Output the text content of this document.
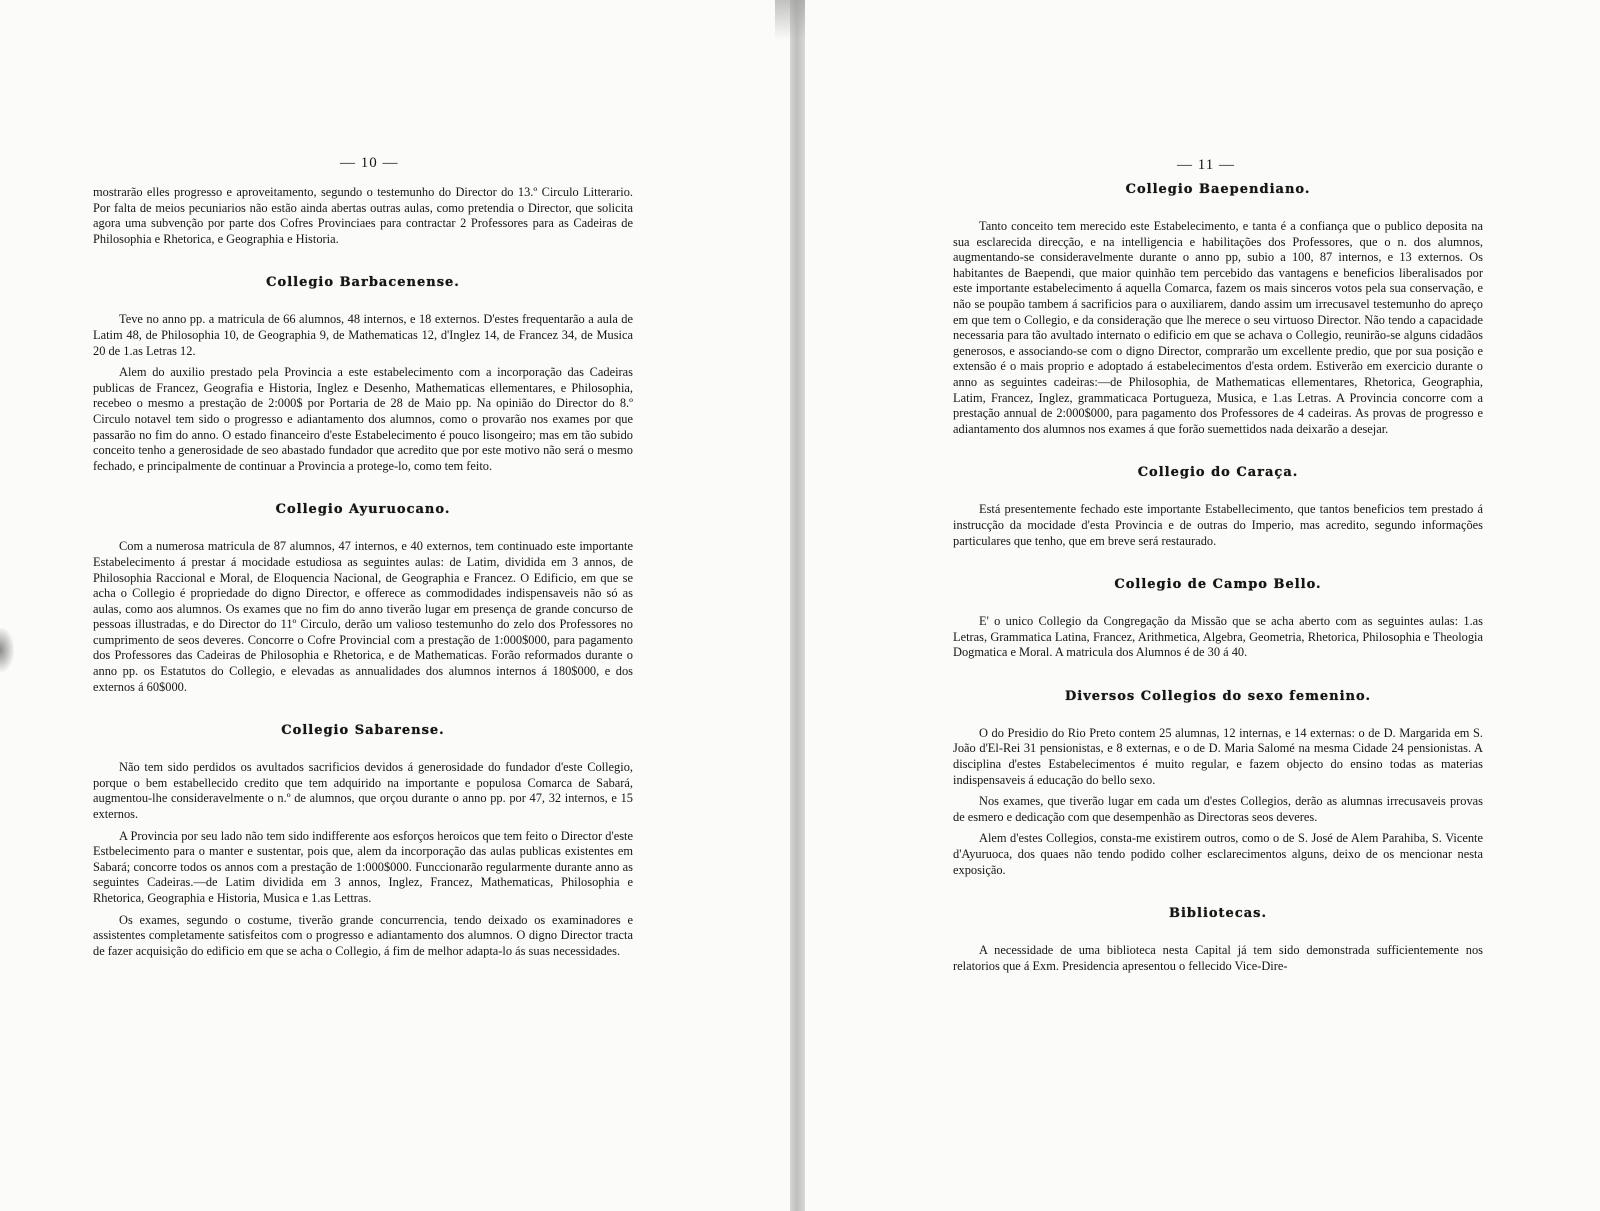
— 10 —

mostrarão elles progresso e aproveitamento, segundo o testemunho do Director do 13.º Circulo Litterario. Por falta de meios pecuniarios não estão ainda abertas outras aulas, como pretendia o Director, que solicita agora uma subvenção por parte dos Cofres Provinciaes para contractar 2 Professores para as Cadeiras de Philosophia e Rhetorica, e Geographia e Historia.

Collegio Barbacenense.

Teve no anno pp. a matricula de 66 alumnos, 48 internos, e 18 externos. D'estes frequentarão a aula de Latim 48, de Philosophia 10, de Geographia 9, de Mathematicas 12, d'Inglez 14, de Francez 34, de Musica 20 de 1.as Letras 12.

Alem do auxilio prestado pela Provincia a este estabelecimento com a incorporação das Cadeiras publicas de Francez, Geografia e Historia, Inglez e Desenho, Mathematicas ellementares, e Philosophia, recebeo o mesmo a prestação de 2:000$ por Portaria de 28 de Maio pp. Na opinião do Director do 8.º Circulo notavel tem sido o progresso e adiantamento dos alumnos, como o provarão nos exames por que passarão no fim do anno. O estado financeiro d'este Estabelecimento é pouco lisongeiro; mas em tão subido conceito tenho a generosidade de seo abastado fundador que acredito que por este motivo não será o mesmo fechado, e principalmente de continuar a Provincia a protege-lo, como tem feito.

Collegio Ayuruocano.

Com a numerosa matricula de 87 alumnos, 47 internos, e 40 externos, tem continuado este importante Estabelecimento á prestar á mocidade estudiosa as seguintes aulas: de Latim, dividida em 3 annos, de Philosophia Raccional e Moral, de Eloquencia Nacional, de Geographia e Francez. O Edificio, em que se acha o Collegio é propriedade do digno Director, e offerece as commodidades indispensaveis não só as aulas, como aos alumnos. Os exames que no fim do anno tiverão lugar em presença de grande concurso de pessoas illustradas, e do Director do 11º Circulo, derão um valioso testemunho do zelo dos Professores no cumprimento de seos deveres. Concorre o Cofre Provincial com a prestação de 1:000$000, para pagamento dos Professores das Cadeiras de Philosophia e Rhetorica, e de Mathematicas. Forão reformados durante o anno pp. os Estatutos do Collegio, e elevadas as annualidades dos alumnos internos á 180$000, e dos externos á 60$000.

Collegio Sabarense.

Não tem sido perdidos os avultados sacrificios devidos á generosidade do fundador d'este Collegio, porque o bem estabellecido credito que tem adquirido na importante e populosa Comarca de Sabará, augmentou-lhe consideravelmente o n.º de alumnos, que orçou durante o anno pp. por 47, 32 internos, e 15 externos.

A Provincia por seu lado não tem sido indifferente aos esforços heroicos que tem feito o Director d'este Estbelecimento para o manter e sustentar, pois que, alem da incorporação das aulas publicas existentes em Sabará; concorre todos os annos com a prestação de 1:000$000. Funccionarão regularmente durante anno as seguintes Cadeiras.—de Latim dividida em 3 annos, Inglez, Francez, Mathematicas, Philosophia e Rhetorica, Geographia e Historia, Musica e 1.as Lettras.

Os exames, segundo o costume, tiverão grande concurrencia, tendo deixado os examinadores e assistentes completamente satisfeitos com o progresso e adiantamento dos alumnos. O digno Director tracta de fazer acquisição do edificio em que se acha o Collegio, á fim de melhor adapta-lo ás suas necessidades.

— 11 —
Collegio Baependiano.

Tanto conceito tem merecido este Estabelecimento, e tanta é a confiança que o publico deposita na sua esclarecida direcção, e na intelligencia e habilitações dos Professores, que o n. dos alumnos, augmentando-se consideravelmente durante o anno pp, subio a 100, 87 internos, e 13 externos. Os habitantes de Baependi, que maior quinhão tem percebido das vantagens e beneficios liberalisados por este importante estabelecimento á aquella Comarca, fazem os mais sinceros votos pela sua conservação, e não se poupão tambem á sacrificios para o auxiliarem, dando assim um irrecusavel testemunho do apreço em que tem o Collegio, e da consideração que lhe merece o seu virtuoso Director. Não tendo a capacidade necessaria para tão avultado internato o edificio em que se achava o Collegio, reunirão-se alguns cidadãos generosos, e associando-se com o digno Director, comprarão um excellente predio, que por sua posição e extensão é o mais proprio e adoptado á estabelecimentos d'esta ordem. Estiverão em exercicio durante o anno as seguintes cadeiras:—de Philosophia, de Mathematicas ellementares, Rhetorica, Geographia, Latim, Francez, Inglez, grammaticaca Portugueza, Musica, e 1.as Letras. A Provincia concorre com a prestação annual de 2:000$000, para pagamento dos Professores de 4 cadeiras. As provas de progresso e adiantamento dos alumnos nos exames á que forão suemettidos nada deixarão a desejar.

Collegio do Caraça.

Está presentemente fechado este importante Estabellecimento, que tantos beneficios tem prestado á instrucção da mocidade d'esta Provincia e de outras do Imperio, mas acredito, segundo informações particulares que tenho, que em breve será restaurado.

Collegio de Campo Bello.

E' o unico Collegio da Congregação da Missão que se acha aberto com as seguintes aulas: 1.as Letras, Grammatica Latina, Francez, Arithmetica, Algebra, Geometria, Rhetorica, Philosophia e Theologia Dogmatica e Moral. A matricula dos Alumnos é de 30 á 40.

Diversos Collegios do sexo femenino.

O do Presidio do Rio Preto contem 25 alumnas, 12 internas, e 14 externas: o de D. Margarida em S. João d'El-Rei 31 pensionistas, e 8 externas, e o de D. Maria Salomé na mesma Cidade 24 pensionistas. A disciplina d'estes Estabelecimentos é muito regular, e fazem objecto do ensino todas as materias indispensaveis á educação do bello sexo.

Nos exames, que tiverão lugar em cada um d'estes Collegios, derão as alumnas irrecusaveis provas de esmero e dedicação com que desempenhão as Directoras seos deveres.

Alem d'estes Collegios, consta-me existirem outros, como o de S. José de Alem Parahiba, S. Vicente d'Ayuruoca, dos quaes não tendo podido colher esclarecimentos alguns, deixo de os mencionar nesta exposição.

Bibliotecas.

A necessidade de uma biblioteca nesta Capital já tem sido demonstrada sufficientemente nos relatorios que á Exm. Presidencia apresentou o fellecido Vice-Dire-
